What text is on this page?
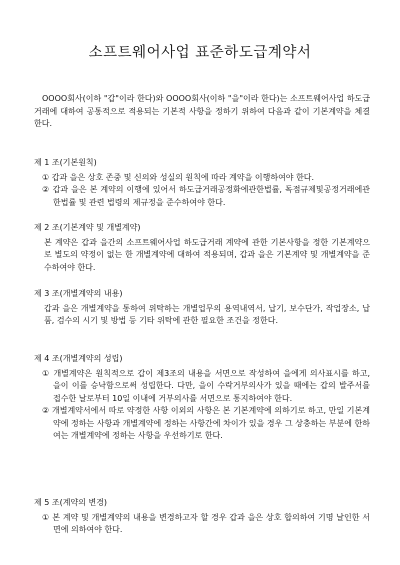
소프트웨어사업 표준하도급계약서
OOOO회사(이하 "갑"이라 한다)와 OOOO회사(이하 "을"이라 한다)는 소프트웨어사업 하도급거래에 대하여 공통적으로 적용되는 기본적 사항을 정하기 위하여 다음과 같이 기본계약을 체결한다.
제 1 조(기본원칙)
① 갑과 을은 상호 존중 및 신의와 성실의 원칙에 따라 계약을 이행하여야 한다.
② 갑과 을은 본 계약의 이행에 있어서 하도급거래공정화에관한법률, 독점규제및공정거래에관한법률 및 관련 법령의 제규정을 준수하여야 한다.
제 2 조(기본계약 및 개별계약)
본 계약은 갑과 을간의 소프트웨어사업 하도급거래 계약에 관한 기본사항을 정한 기본계약으로 별도의 약정이 없는 한 개별계약에 대하여 적용되며, 갑과 을은 기본계약 및 개별계약을 준수하여야 한다.
제 3 조(개별계약의 내용)
갑과 을은 개별계약을 통하여 위탁하는 개별업무의 용역내역서, 납기, 보수단가, 작업장소, 납품, 검수의 시기 및 방법 등 기타 위탁에 관한 필요한 조건을 정한다.
제 4 조(개별계약의 성립)
① 개별계약은 원칙적으로 갑이 제3조의 내용을 서면으로 작성하여 을에게 의사표시를 하고, 을이 이를 승낙함으로써 성립한다. 다만, 을이 수락거부의사가 있을 때에는 갑의 발주서를 접수한 날로부터 10일 이내에 거부의사를 서면으로 통지하여야 한다.
② 개별계약서에서 따로 약정한 사항 이외의 사항은 본 기본계약에 의하기로 하고, 만일 기본계약에 정하는 사항과 개별계약에 정하는 사항간에 차이가 있을 경우 그 상충하는 부분에 한하여는 개별계약에 정하는 사항을 우선하기로 한다.
제 5 조(계약의 변경)
① 본 계약 및 개별계약의 내용을 변경하고자 할 경우 갑과 을은 상호 합의하여 기명 날인한 서면에 의하여야 한다.
